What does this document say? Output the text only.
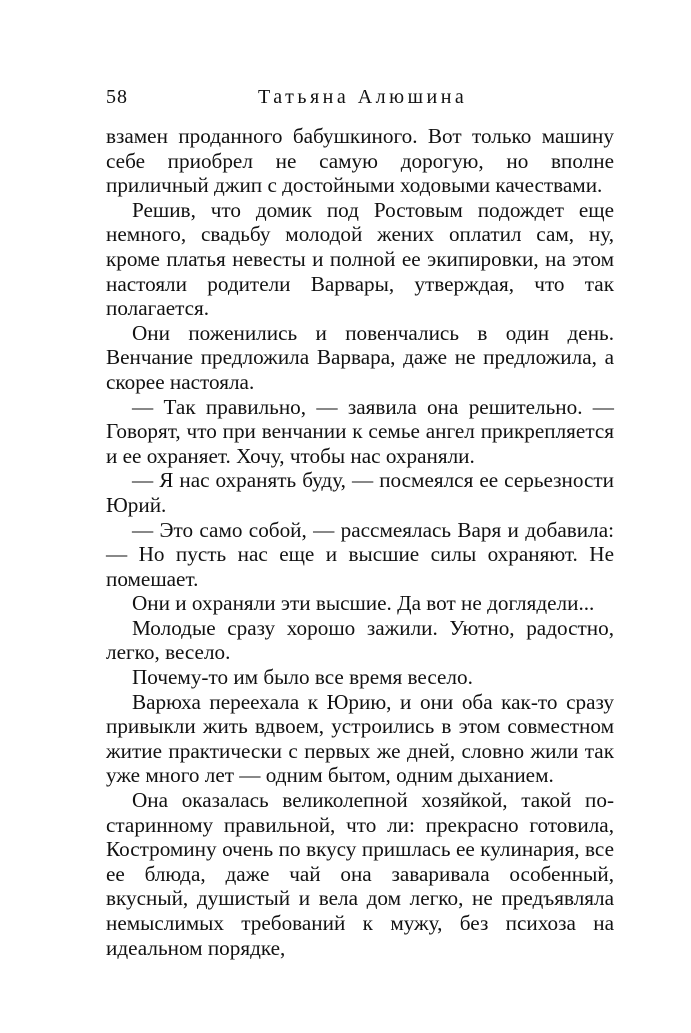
58	Татьяна Алюшина

взамен проданного бабушкиного. Вот только машину себе приобрел не самую дорогую, но вполне приличный джип с достойными ходовыми качествами.

Решив, что домик под Ростовым подождет еще немного, свадьбу молодой жених оплатил сам, ну, кроме платья невесты и полной ее экипировки, на этом настояли родители Варвары, утверждая, что так полагается.

Они поженились и повенчались в один день. Венчание предложила Варвара, даже не предложила, а скорее настояла.

— Так правильно, — заявила она решительно. — Говорят, что при венчании к семье ангел прикрепляется и ее охраняет. Хочу, чтобы нас охраняли.

— Я нас охранять буду, — посмеялся ее серьезности Юрий.

— Это само собой, — рассмеялась Варя и добавила: — Но пусть нас еще и высшие силы охраняют. Не помешает.

Они и охраняли эти высшие. Да вот не доглядели...

Молодые сразу хорошо зажили. Уютно, радостно, легко, весело.

Почему-то им было все время весело.

Варюха переехала к Юрию, и они оба как-то сразу привыкли жить вдвоем, устроились в этом совместном житие практически с первых же дней, словно жили так уже много лет — одним бытом, одним дыханием.

Она оказалась великолепной хозяйкой, такой по-старинному правильной, что ли: прекрасно готовила, Костромину очень по вкусу пришлась ее кулинария, все ее блюда, даже чай она заваривала особенный, вкусный, душистый и вела дом легко, не предъявляла немыслимых требований к мужу, без психоза на идеальном порядке,
